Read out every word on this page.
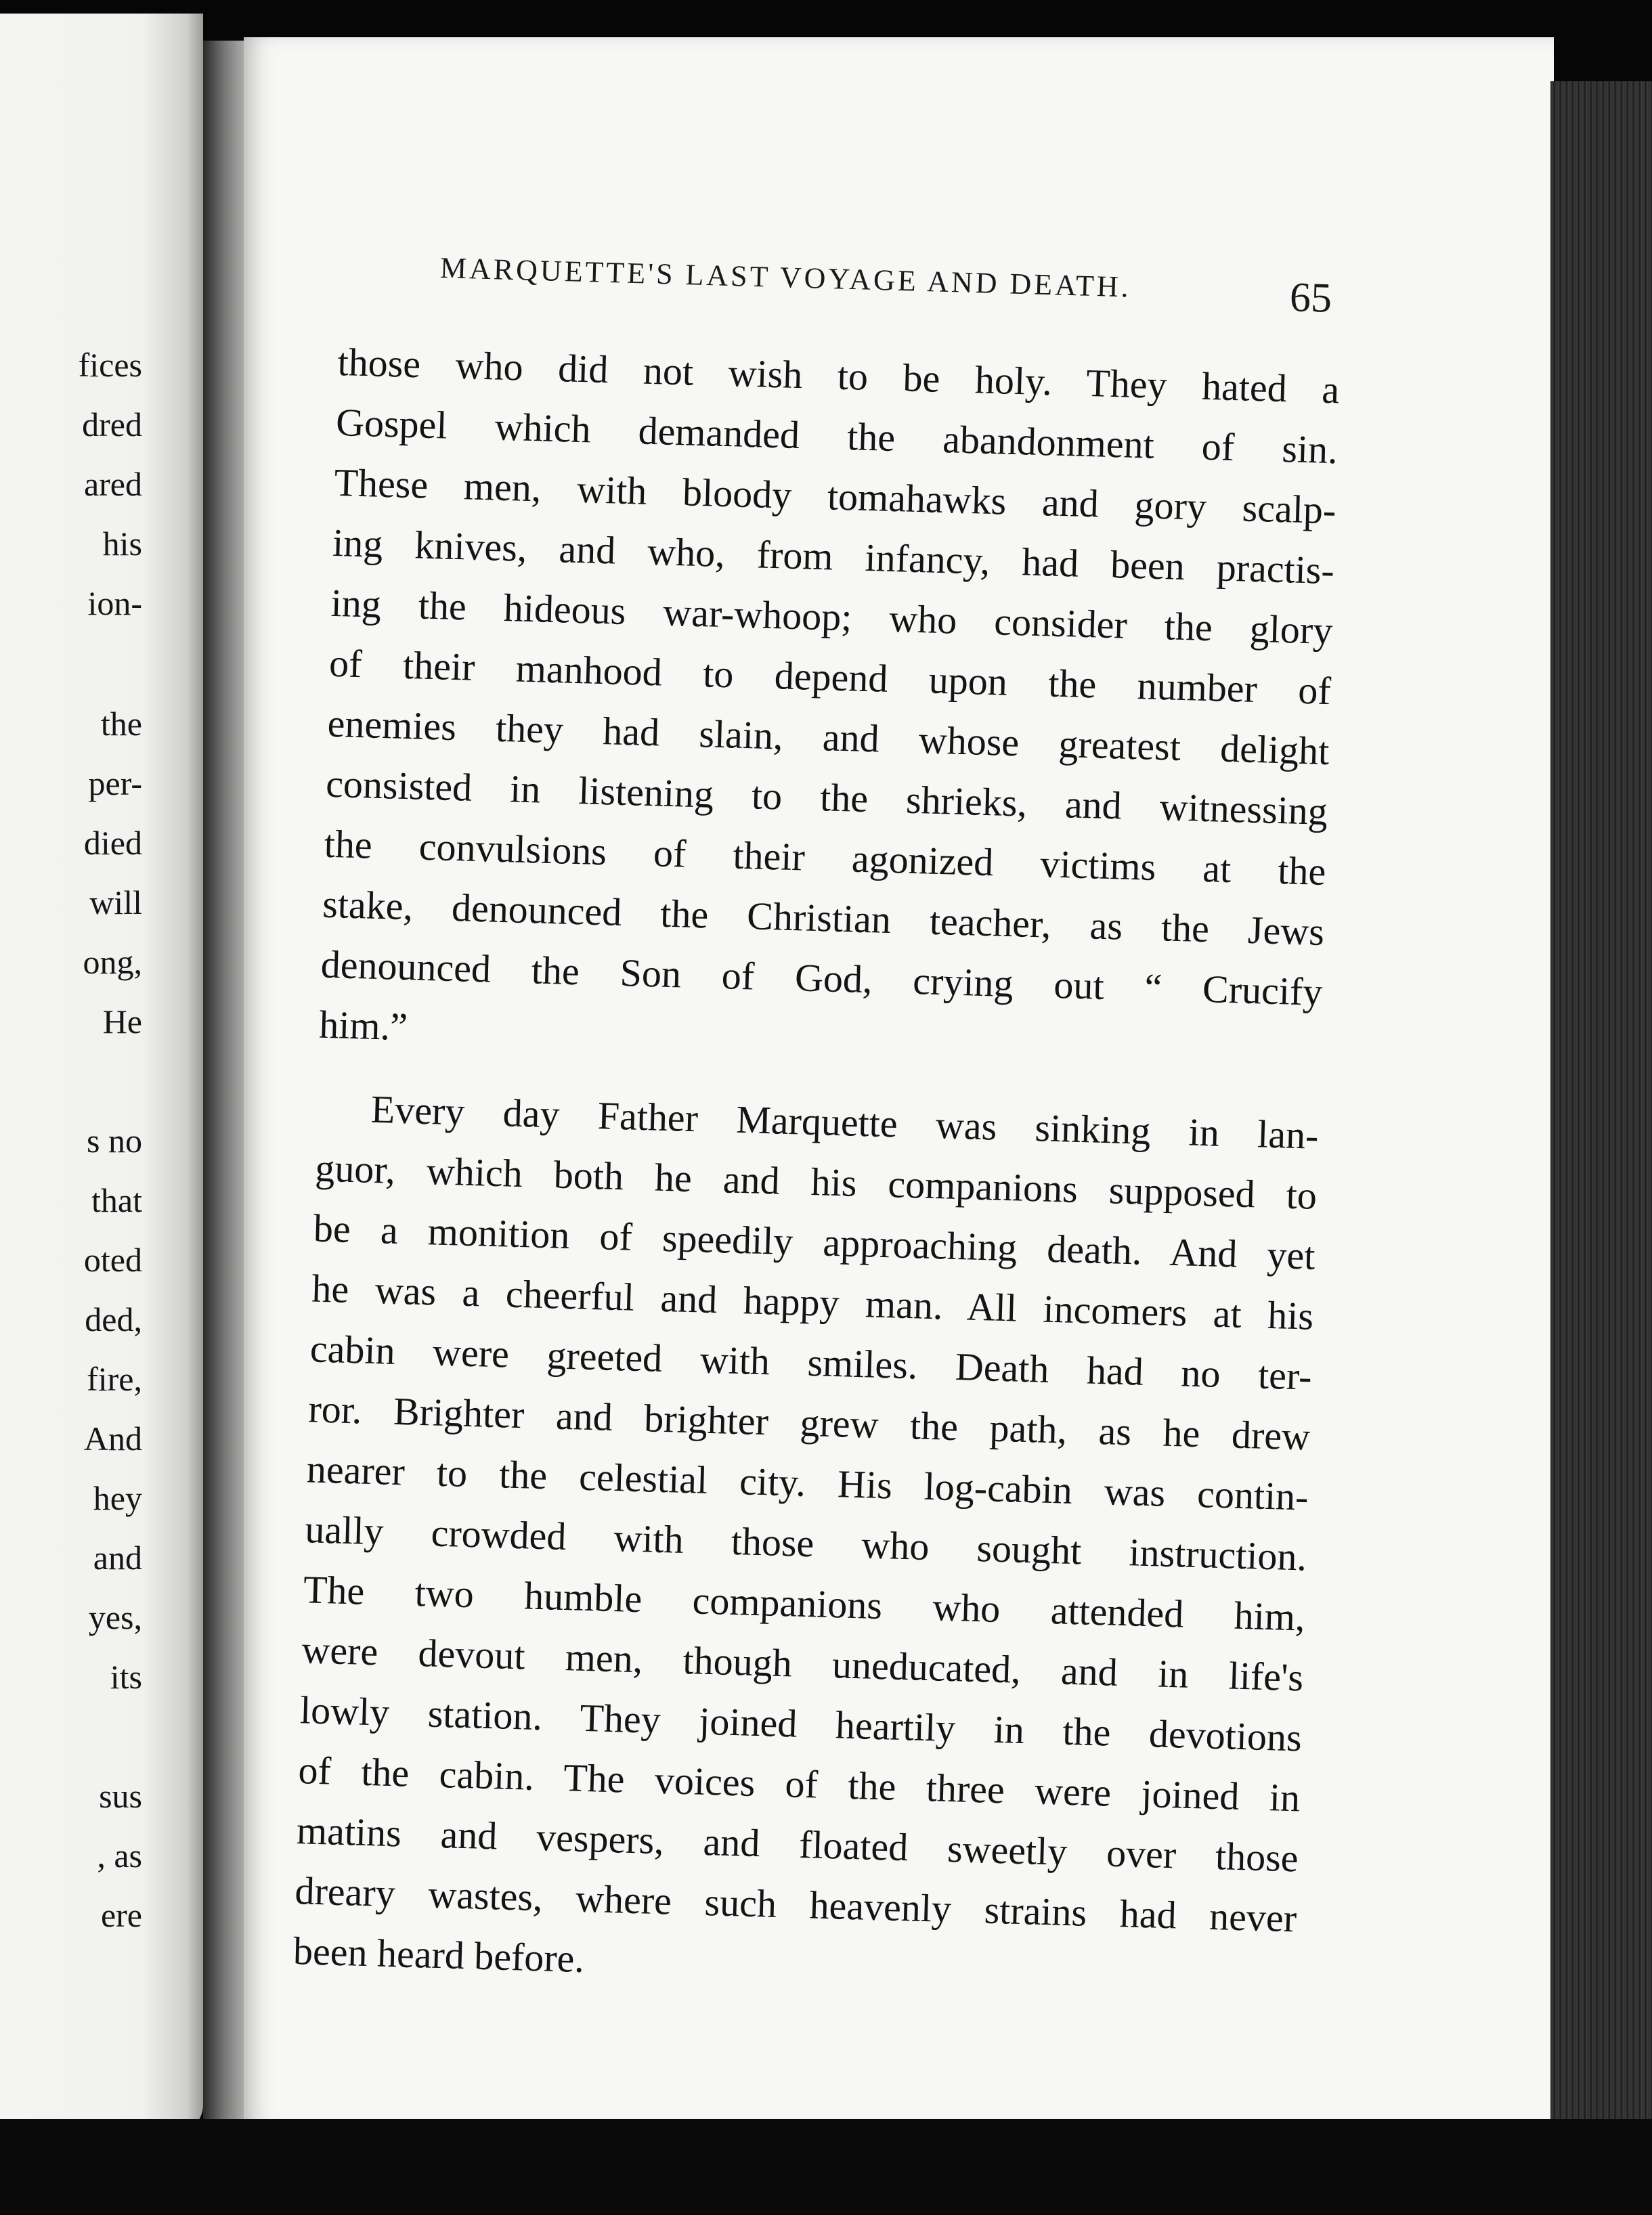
fices
dred
ared
his
ion-
the
per-
died
will
ong,
He
s no
that
oted
ded,
fire,
And
hey
and
yes,
its
sus
, as
ere
MARQUETTE'S LAST VOYAGE AND DEATH.	65
those who did not wish to be holy. They hated a
Gospel which demanded the abandonment of sin.
These men, with bloody tomahawks and gory scalp-
ing knives, and who, from infancy, had been practis-
ing the hideous war-whoop; who consider the glory
of their manhood to depend upon the number of
enemies they had slain, and whose greatest delight
consisted in listening to the shrieks, and witnessing
the convulsions of their agonized victims at the
stake, denounced the Christian teacher, as the Jews
denounced the Son of God, crying out “ Crucify
him.”
Every day Father Marquette was sinking in lan-
guor, which both he and his companions supposed to
be a monition of speedily approaching death. And yet
he was a cheerful and happy man. All incomers at his
cabin were greeted with smiles. Death had no ter-
ror. Brighter and brighter grew the path, as he drew
nearer to the celestial city. His log-cabin was contin-
ually crowded with those who sought instruction.
The two humble companions who attended him,
were devout men, though uneducated, and in life's
lowly station. They joined heartily in the devotions
of the cabin. The voices of the three were joined in
matins and vespers, and floated sweetly over those
dreary wastes, where such heavenly strains had never
been heard before.
